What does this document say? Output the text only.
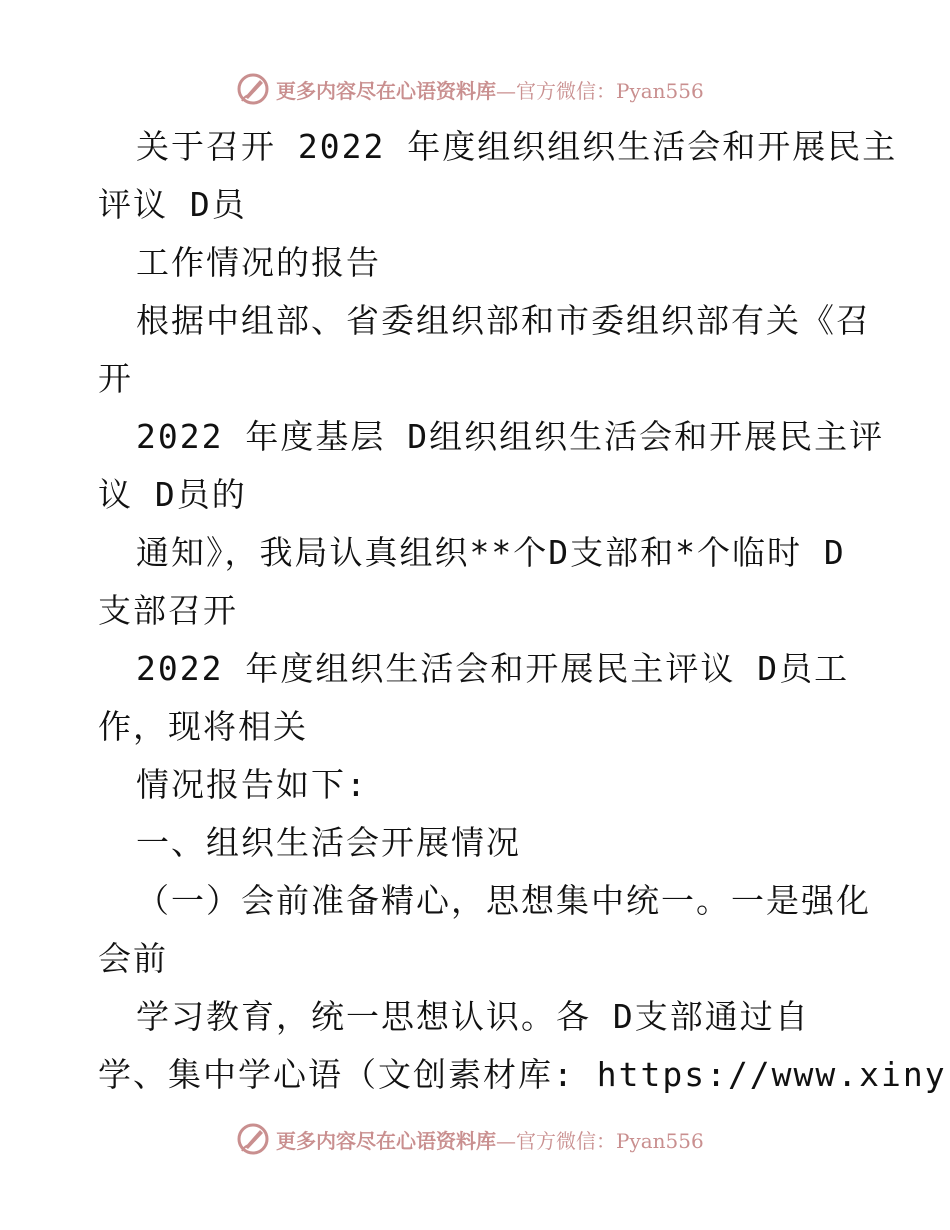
更多内容尽在心语资料库—官方微信：Pyan556

关于召开 2022 年度组织组织生活会和开展民主

评议 D员

工作情况的报告

根据中组部、省委组织部和市委组织部有关《召

开

2022 年度基层 D组织组织生活会和开展民主评

议 D员的

通知》，我局认真组织**个D支部和*个临时 D

支部召开

2022 年度组织生活会和开展民主评议 D员工

作，现将相关

情况报告如下:

一、组织生活会开展情况

（一）会前准备精心，思想集中统一。一是强化

会前

学习教育，统一思想认识。各 D支部通过自

学、集中学心语（文创素材库: https://www.xiny

更多内容尽在心语资料库—官方微信：Pyan556
